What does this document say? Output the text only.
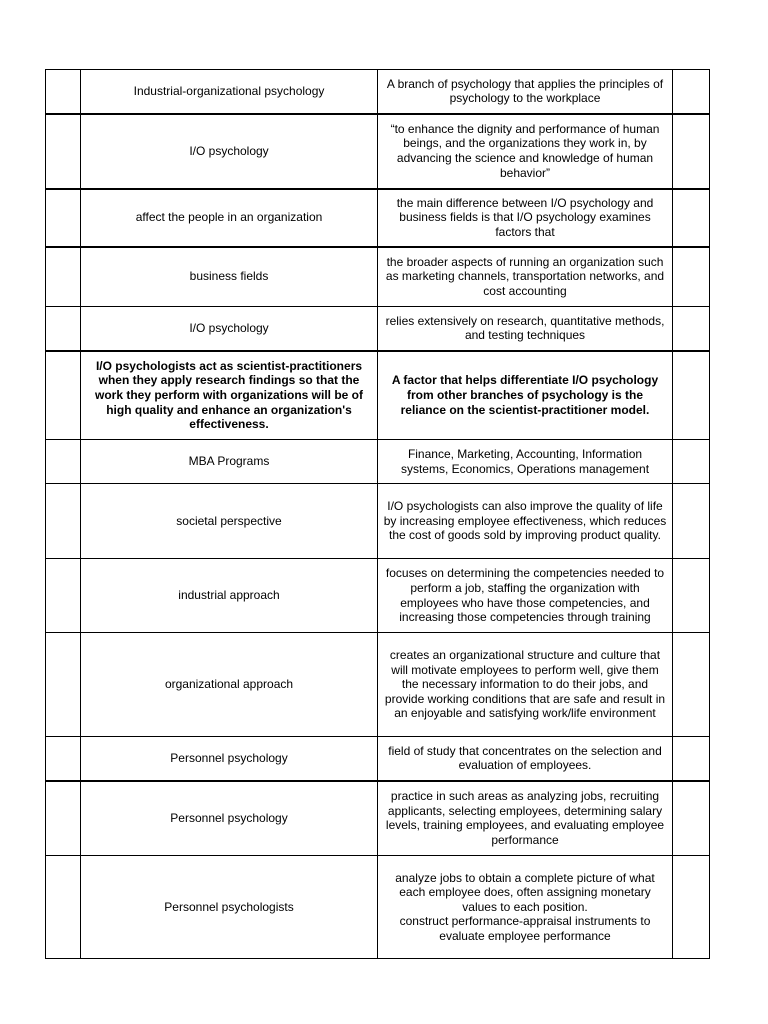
	Industrial-organizational psychology	A branch of psychology that applies the principles of psychology to the workplace	
	I/O psychology	“to enhance the dignity and performance of human beings, and the organizations they work in, by advancing the science and knowledge of human behavior”	
	affect the people in an organization	the main difference between I/O psychology and business fields is that I/O psychology examines factors that	
	business fields	the broader aspects of running an organization such as marketing channels, transportation networks, and cost accounting	
	I/O psychology	relies extensively on research, quantitative methods, and testing techniques	
	I/O psychologists act as scientist-practitioners when they apply research findings so that the work they perform with organizations will be of high quality and enhance an organization's effectiveness.	A factor that helps differentiate I/O psychology from other branches of psychology is the reliance on the scientist-practitioner model.	
	MBA Programs	Finance, Marketing, Accounting, Information systems, Economics, Operations management	
	societal perspective	I/O psychologists can also improve the quality of life by increasing employee effectiveness, which reduces the cost of goods sold by improving product quality.	
	industrial approach	focuses on determining the competencies needed to perform a job, staffing the organization with employees who have those competencies, and increasing those competencies through training	
	organizational approach	creates an organizational structure and culture that will motivate employees to perform well, give them the necessary information to do their jobs, and provide working conditions that are safe and result in an enjoyable and satisfying work/life environment	
	Personnel psychology	field of study that concentrates on the selection and evaluation of employees.	
	Personnel psychology	practice in such areas as analyzing jobs, recruiting applicants, selecting employees, determining salary levels, training employees, and evaluating employee performance	
	Personnel psychologists	analyze jobs to obtain a complete picture of what each employee does, often assigning monetary values to each position.
construct performance-appraisal instruments to evaluate employee performance	
